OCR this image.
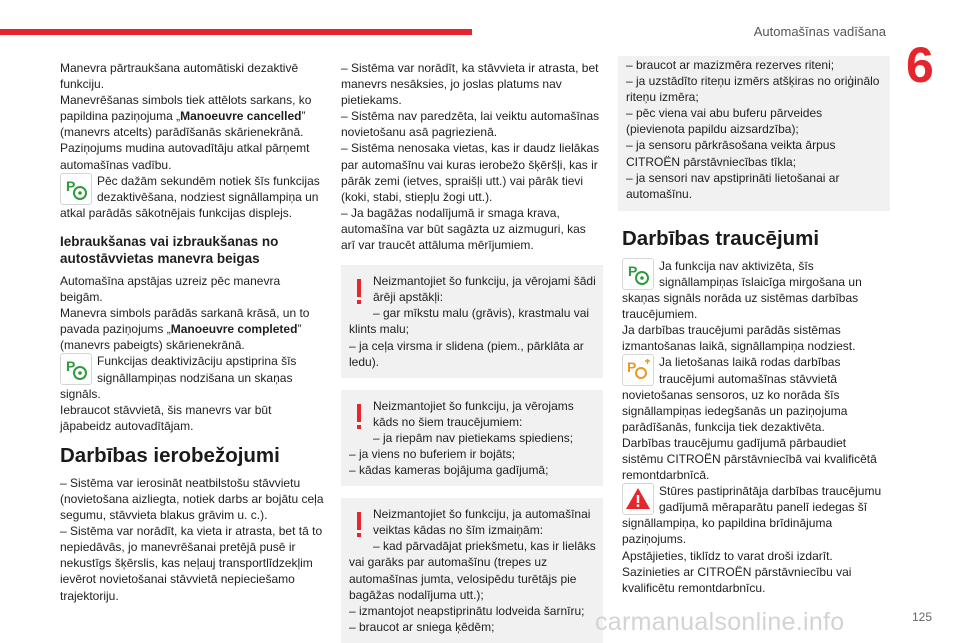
Automašīnas vadīšana
6

Manevra pārtraukšana automātiski dezaktivē funkciju.

Manevrēšanas simbols tiek attēlots sarkans, ko papildina paziņojuma „Manoeuvre cancelled” (manevrs atcelts) parādīšanās skārienekrānā.

Paziņojums mudina autovadītāju atkal pārņemt automašīnas vadību.

P Pēc dažām sekundēm notiek šīs funkcijas dezaktivēšana, nodziest signāllampiņa un atkal parādās sākotnējais funkcijas displejs.
Iebraukšanas vai izbraukšanas no autostāvvietas manevra beigas

Automašīna apstājas uzreiz pēc manevra beigām.

Manevra simbols parādās sarkanā krāsā, un to pavada paziņojums „Manoeuvre completed” (manevrs pabeigts) skārienekrānā.

P Funkcijas deaktivizāciju apstiprina šīs signāllampiņas nodzišana un skaņas signāls.

Iebraucot stāvvietā, šis manevrs var būt jāpabeidz autovadītājam.

Darbības ierobežojumi

– Sistēma var ierosināt neatbilstošu stāvvietu (novietošana aizliegta, notiek darbs ar bojātu ceļa segumu, stāvvieta blakus grāvim u. c.).

– Sistēma var norādīt, ka vieta ir atrasta, bet tā to nepiedāvās, jo manevrēšanai pretējā pusē ir nekustīgs šķērslis, kas neļauj transportlīdzekļim ievērot novietošanai stāvvietā nepieciešamo trajektoriju.

– Sistēma var norādīt, ka stāvvieta ir atrasta, bet manevrs nesāksies, jo joslas platums nav pietiekams.

– Sistēma nav paredzēta, lai veiktu automašīnas novietošanu asā pagriezienā.

– Sistēma nenosaka vietas, kas ir daudz lielākas par automašīnu vai kuras ierobežo šķēršļi, kas ir pārāk zemi (ietves, spraišļi utt.) vai pārāk tievi (koki, stabi, stiepļu žogi utt.).

– Ja bagāžas nodalījumā ir smaga krava, automašīna var būt sagāzta uz aizmuguri, kas arī var traucēt attāluma mērījumiem.

Neizmantojiet šo funkciju, ja vērojami šādi ārēji apstākļi:

– gar mīkstu malu (grāvis), krastmalu vai klints malu;

– ja ceļa virsma ir slidena (piem., pārklāta ar ledu).

Neizmantojiet šo funkciju, ja vērojams kāds no šiem traucējumiem:

– ja riepām nav pietiekams spiediens;

– ja viens no buferiem ir bojāts;

– kādas kameras bojājuma gadījumā;

Neizmantojiet šo funkciju, ja automašīnai veiktas kādas no šīm izmaiņām:

– kad pārvadājat priekšmetu, kas ir lielāks vai garāks par automašīnu (trepes uz automašīnas jumta, velosipēdu turētājs pie bagāžas nodalījuma utt.);

– izmantojot neapstiprinātu lodveida šarnīru;

– braucot ar sniega ķēdēm;

– braucot ar mazizmēra rezerves riteni;

– ja uzstādīto riteņu izmērs atšķiras no oriģinālo riteņu izmēra;

– pēc viena vai abu buferu pārveides (pievienota papildu aizsardzība);

– ja sensoru pārkrāsošana veikta ārpus CITROËN pārstāvniecības tīkla;

– ja sensori nav apstiprināti lietošanai ar automašīnu.

Darbības traucējumi
P Ja funkcija nav aktivizēta, šīs signāllampiņas īslaicīga mirgošana un skaņas signāls norāda uz sistēmas darbības traucējumiem.

Ja darbības traucējumi parādās sistēmas izmantošanas laikā, signāllampiņa nodziest.

P Ja lietošanas laikā rodas darbības traucējumi automašīnas stāvvietā novietošanas sensoros, uz ko norāda šīs signāllampiņas iedegšanās un paziņojuma parādīšanās, funkcija tiek dezaktivēta.

Darbības traucējumu gadījumā pārbaudiet sistēmu CITROËN pārstāvniecībā vai kvalificētā remontdarbnīcā.

Stūres pastiprinātāja darbības traucējumu gadījumā mēraparātu panelī iedegas šī signāllampiņa, ko papildina brīdinājuma paziņojums.

Apstājieties, tiklīdz to varat droši izdarīt.

Sazinieties ar CITROËN pārstāvniecību vai kvalificētu remontdarbnīcu.

125
carmanualsonline.info
